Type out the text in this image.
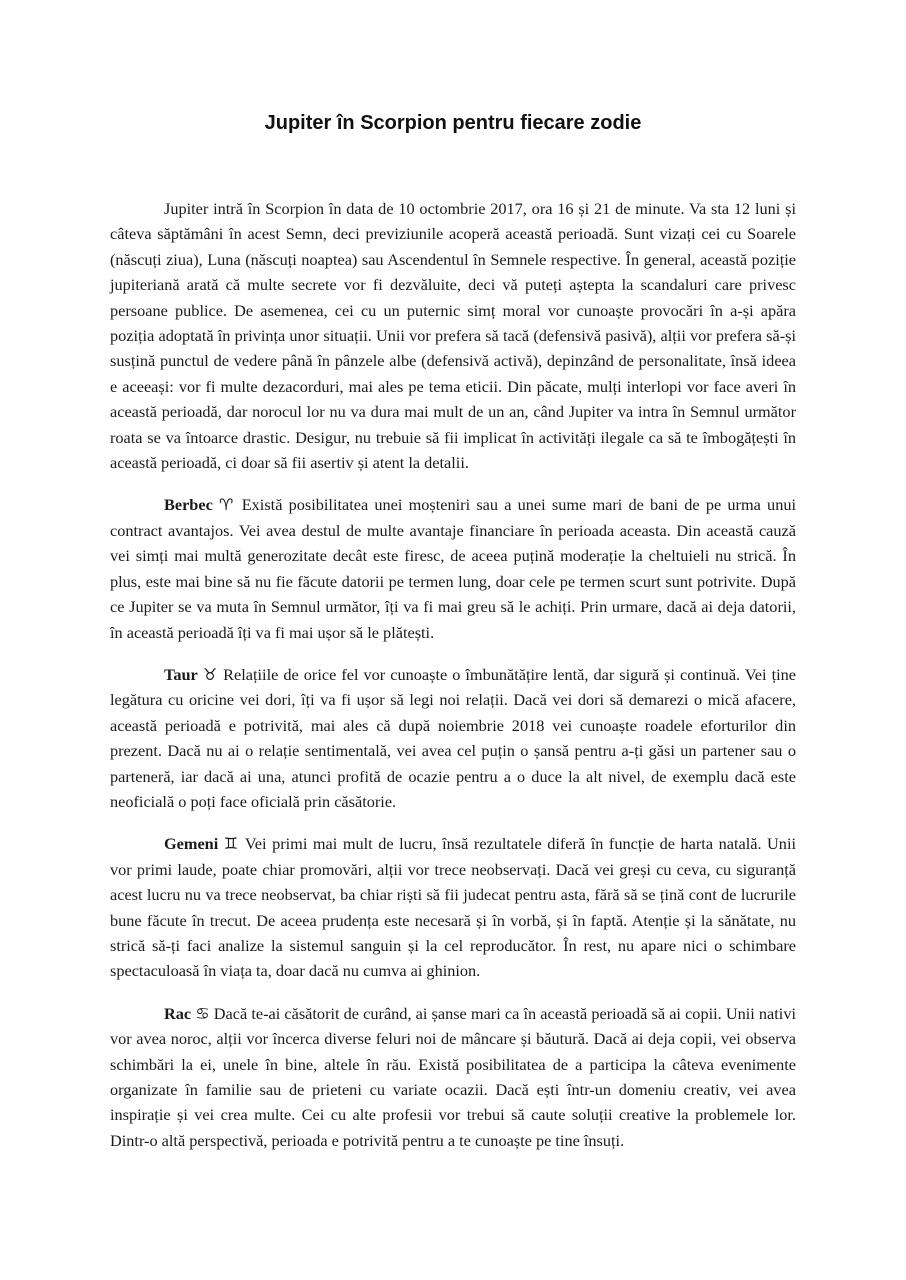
Jupiter în Scorpion pentru fiecare zodie

Jupiter intră în Scorpion în data de 10 octombrie 2017, ora 16 și 21 de minute. Va sta 12 luni și câteva săptămâni în acest Semn, deci previziunile acoperă această perioadă. Sunt vizați cei cu Soarele (născuți ziua), Luna (născuți noaptea) sau Ascendentul în Semnele respective. În general, această poziție jupiteriană arată că multe secrete vor fi dezvăluite, deci vă puteți aștepta la scandaluri care privesc persoane publice. De asemenea, cei cu un puternic simț moral vor cunoaște provocări în a-și apăra poziția adoptată în privința unor situații. Unii vor prefera să tacă (defensivă pasivă), alții vor prefera să-și susțină punctul de vedere până în pânzele albe (defensivă activă), depinzând de personalitate, însă ideea e aceeași: vor fi multe dezacorduri, mai ales pe tema eticii. Din păcate, mulți interlopi vor face averi în această perioadă, dar norocul lor nu va dura mai mult de un an, când Jupiter va intra în Semnul următor roata se va întoarce drastic. Desigur, nu trebuie să fii implicat în activități ilegale ca să te îmbogățești în această perioadă, ci doar să fii asertiv și atent la detalii.

Berbec ♈ Există posibilitatea unei moșteniri sau a unei sume mari de bani de pe urma unui contract avantajos. Vei avea destul de multe avantaje financiare în perioada aceasta. Din această cauză vei simți mai multă generozitate decât este firesc, de aceea puțină moderație la cheltuieli nu strică. În plus, este mai bine să nu fie făcute datorii pe termen lung, doar cele pe termen scurt sunt potrivite. După ce Jupiter se va muta în Semnul următor, îți va fi mai greu să le achiți. Prin urmare, dacă ai deja datorii, în această perioadă îți va fi mai ușor să le plătești.

Taur ♉ Relațiile de orice fel vor cunoaște o îmbunătățire lentă, dar sigură și continuă. Vei ține legătura cu oricine vei dori, îți va fi ușor să legi noi relații. Dacă vei dori să demarezi o mică afacere, această perioadă e potrivită, mai ales că după noiembrie 2018 vei cunoaște roadele eforturilor din prezent. Dacă nu ai o relație sentimentală, vei avea cel puțin o șansă pentru a-ți găsi un partener sau o parteneră, iar dacă ai una, atunci profită de ocazie pentru a o duce la alt nivel, de exemplu dacă este neoficială o poți face oficială prin căsătorie.

Gemeni ♊ Vei primi mai mult de lucru, însă rezultatele diferă în funcție de harta natală. Unii vor primi laude, poate chiar promovări, alții vor trece neobservați. Dacă vei greși cu ceva, cu siguranță acest lucru nu va trece neobservat, ba chiar riști să fii judecat pentru asta, fără să se țină cont de lucrurile bune făcute în trecut. De aceea prudența este necesară și în vorbă, și în faptă. Atenție și la sănătate, nu strică să-ți faci analize la sistemul sanguin și la cel reproducător. În rest, nu apare nici o schimbare spectaculoasă în viața ta, doar dacă nu cumva ai ghinion.

Rac ♋ Dacă te-ai căsătorit de curând, ai șanse mari ca în această perioadă să ai copii. Unii nativi vor avea noroc, alții vor încerca diverse feluri noi de mâncare și băutură. Dacă ai deja copii, vei observa schimbări la ei, unele în bine, altele în rău. Există posibilitatea de a participa la câteva evenimente organizate în familie sau de prieteni cu variate ocazii. Dacă ești într-un domeniu creativ, vei avea inspirație și vei crea multe. Cei cu alte profesii vor trebui să caute soluții creative la problemele lor. Dintr-o altă perspectivă, perioada e potrivită pentru a te cunoaște pe tine însuți.
